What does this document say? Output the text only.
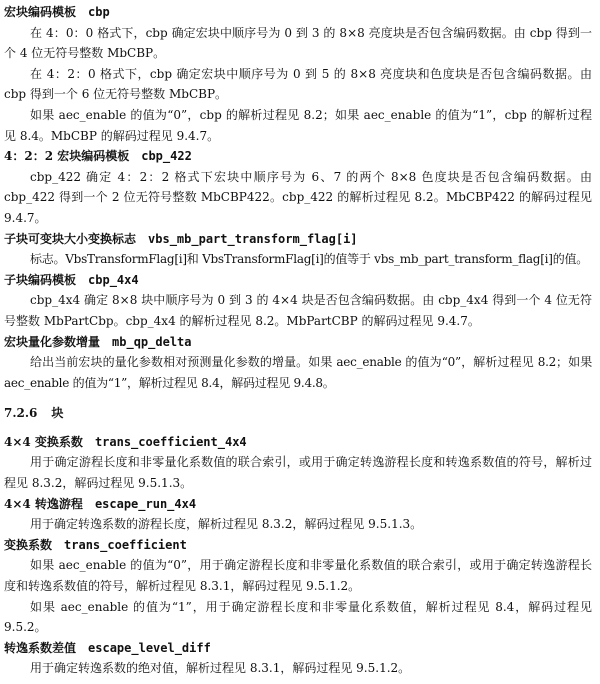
宏块编码模板 cbp
在 4：0：0 格式下，cbp 确定宏块中顺序号为 0 到 3 的 8×8 亮度块是否包含编码数据。由 cbp 得到一个 4 位无符号整数 MbCBP。
在 4：2：0 格式下，cbp 确定宏块中顺序号为 0 到 5 的 8×8 亮度块和色度块是否包含编码数据。由 cbp 得到一个 6 位无符号整数 MbCBP。
如果 aec_enable 的值为“0”，cbp 的解析过程见 8.2；如果 aec_enable 的值为“1”，cbp 的解析过程见 8.4。MbCBP 的解码过程见 9.4.7。
4：2：2 宏块编码模板 cbp_422
cbp_422 确定 4：2：2 格式下宏块中顺序号为 6、7 的两个 8×8 色度块是否包含编码数据。由 cbp_422 得到一个 2 位无符号整数 MbCBP422。cbp_422 的解析过程见 8.2。MbCBP422 的解码过程见 9.4.7。
子块可变块大小变换标志 vbs_mb_part_transform_flag[i]
标志。VbsTransformFlag[i]和 VbsTransformFlag[i]的值等于 vbs_mb_part_transform_flag[i]的值。
子块编码模板 cbp_4x4
cbp_4x4 确定 8×8 块中顺序号为 0 到 3 的 4×4 块是否包含编码数据。由 cbp_4x4 得到一个 4 位无符号整数 MbPartCbp。cbp_4x4 的解析过程见 8.2。MbPartCBP 的解码过程见 9.4.7。
宏块量化参数增量 mb_qp_delta
给出当前宏块的量化参数相对预测量化参数的增量。如果 aec_enable 的值为“0”，解析过程见 8.2；如果 aec_enable 的值为“1”，解析过程见 8.4，解码过程见 9.4.8。
7.2.6 块
4×4 变换系数 trans_coefficient_4x4
用于确定游程长度和非零量化系数值的联合索引，或用于确定转逸游程长度和转逸系数值的符号，解析过程见 8.3.2，解码过程见 9.5.1.3。
4×4 转逸游程 escape_run_4x4
用于确定转逸系数的游程长度，解析过程见 8.3.2，解码过程见 9.5.1.3。
变换系数 trans_coefficient
如果 aec_enable 的值为“0”，用于确定游程长度和非零量化系数值的联合索引，或用于确定转逸游程长度和转逸系数值的符号，解析过程见 8.3.1，解码过程见 9.5.1.2。
如果 aec_enable 的值为“1”，用于确定游程长度和非零量化系数值，解析过程见 8.4，解码过程见 9.5.2。
转逸系数差值 escape_level_diff
用于确定转逸系数的绝对值，解析过程见 8.3.1，解码过程见 9.5.1.2。
